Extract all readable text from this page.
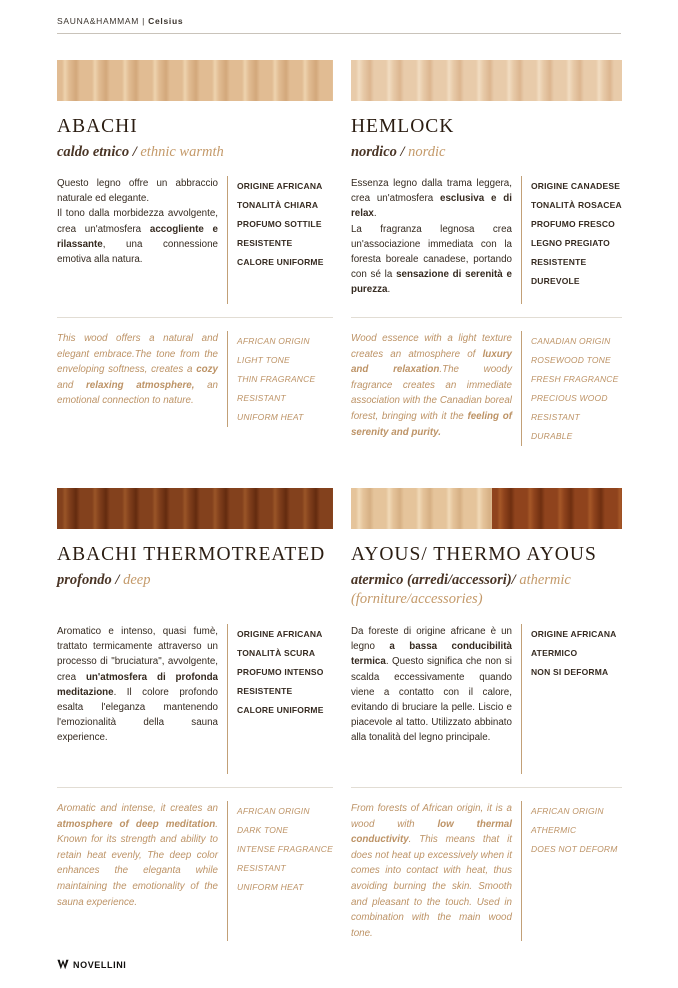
SAUNA&HAMMAM | Celsius
ABACHI

caldo etnico / ethnic warmth

Questo legno offre un abbraccio naturale ed elegante.
Il tono dalla morbidezza avvolgente, crea un'atmosfera accogliente e rilassante, una connessione emotiva alla natura.

ORIGINE AFRICANA
TONALITÀ CHIARA
PROFUMO SOTTILE
RESISTENTE
CALORE UNIFORME

This wood offers a natural and elegant embrace.The tone from the enveloping softness, creates a cozy and relaxing atmosphere, an emotional connection to nature.

AFRICAN ORIGIN
LIGHT TONE
THIN FRAGRANCE
RESISTANT
UNIFORM HEAT
HEMLOCK

nordico / nordic

Essenza legno dalla trama leggera, crea un'atmosfera esclusiva e di relax.
La fragranza legnosa crea un'associazione immediata con la foresta boreale canadese, portando con sé la sensazione di serenità e purezza.

ORIGINE CANADESE
TONALITÀ ROSACEA
PROFUMO FRESCO
LEGNO PREGIATO
RESISTENTE
DUREVOLE

Wood essence with a light texture creates an atmosphere of luxury and relaxation.The woody fragrance creates an immediate association with the Canadian boreal forest, bringing with it the feeling of serenity and purity.

CANADIAN ORIGIN
ROSEWOOD TONE
FRESH FRAGRANCE
PRECIOUS WOOD
RESISTANT
DURABLE
ABACHI THERMOTREATED

profondo / deep

Aromatico e intenso, quasi fumè, trattato termicamente attraverso un processo di "bruciatura", avvolgente, crea un'atmosfera di profonda meditazione. Il colore profondo esalta l'eleganza mantenendo l'emozionalità della sauna experience.

ORIGINE AFRICANA
TONALITÀ SCURA
PROFUMO INTENSO
RESISTENTE
CALORE UNIFORME

Aromatic and intense, it creates an atmosphere of deep meditation. Known for its strength and ability to retain heat evenly, The deep color enhances the eleganta while maintaining the emotionality of the sauna experience.

AFRICAN ORIGIN
DARK TONE
INTENSE FRAGRANCE
RESISTANT
UNIFORM HEAT
AYOUS/ THERMO AYOUS

atermico (arredi/accessori)/ athermic (forniture/accessories)

Da foreste di origine africane è un legno a bassa conducibilità termica. Questo significa che non si scalda eccessivamente quando viene a contatto con il calore, evitando di bruciare la pelle. Liscio e piacevole al tatto. Utilizzato abbinato alla tonalità del legno principale.

ORIGINE AFRICANA
ATERMICO
NON SI DEFORMA

From forests of African origin, it is a wood with low thermal conductivity. This means that it does not heat up excessively when it comes into contact with heat, thus avoiding burning the skin. Smooth and pleasant to the touch. Used in combination with the main wood tone.

AFRICAN ORIGIN
ATHERMIC
DOES NOT DEFORM
NOVELLINI
